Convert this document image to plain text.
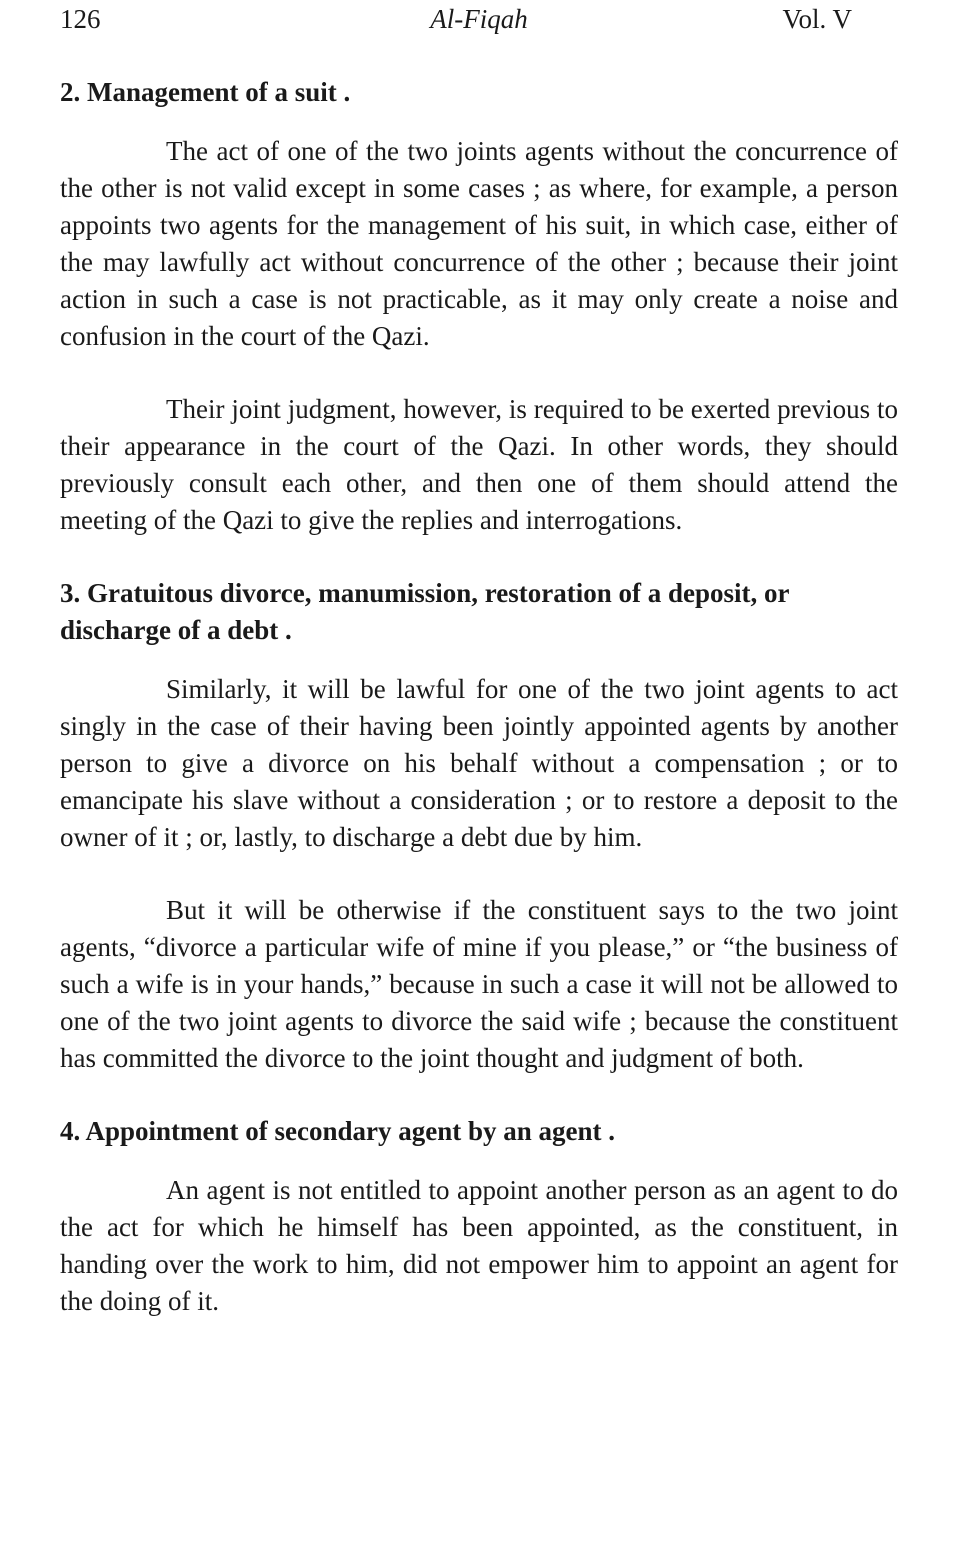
126	Al-Fiqah	Vol. V
2. Management of a suit .

The act of one of the two joints agents without the concurrence of the other is not valid except in some cases ; as where, for example, a person appoints two agents for the management of his suit, in which case, either of the may lawfully act without concurrence of the other ; because their joint action in such a case is not practicable, as it may only create a noise and confusion in the court of the Qazi.

Their joint judgment, however, is required to be exerted previous to their appearance in the court of the Qazi. In other words, they should previously consult each other, and then one of them should attend the meeting of the Qazi to give the replies and interrogations.

3. Gratuitous divorce, manumission, restoration of a deposit, or discharge of a debt .

Similarly, it will be lawful for one of the two joint agents to act singly in the case of their having been jointly appointed agents by another person to give a divorce on his behalf without a compensation ; or to emancipate his slave without a consideration ; or to restore a deposit to the owner of it ; or, lastly, to discharge a debt due by him.

But it will be otherwise if the constituent says to the two joint agents, “divorce a particular wife of mine if you please,” or “the business of such a wife is in your hands,” because in such a case it will not be allowed to one of the two joint agents to divorce the said wife ; because the constituent has committed the divorce to the joint thought and judgment of both.

4. Appointment of secondary agent by an agent .

An agent is not entitled to appoint another person as an agent to do the act for which he himself has been appointed, as the constituent, in handing over the work to him, did not empower him to appoint an agent for the doing of it.
